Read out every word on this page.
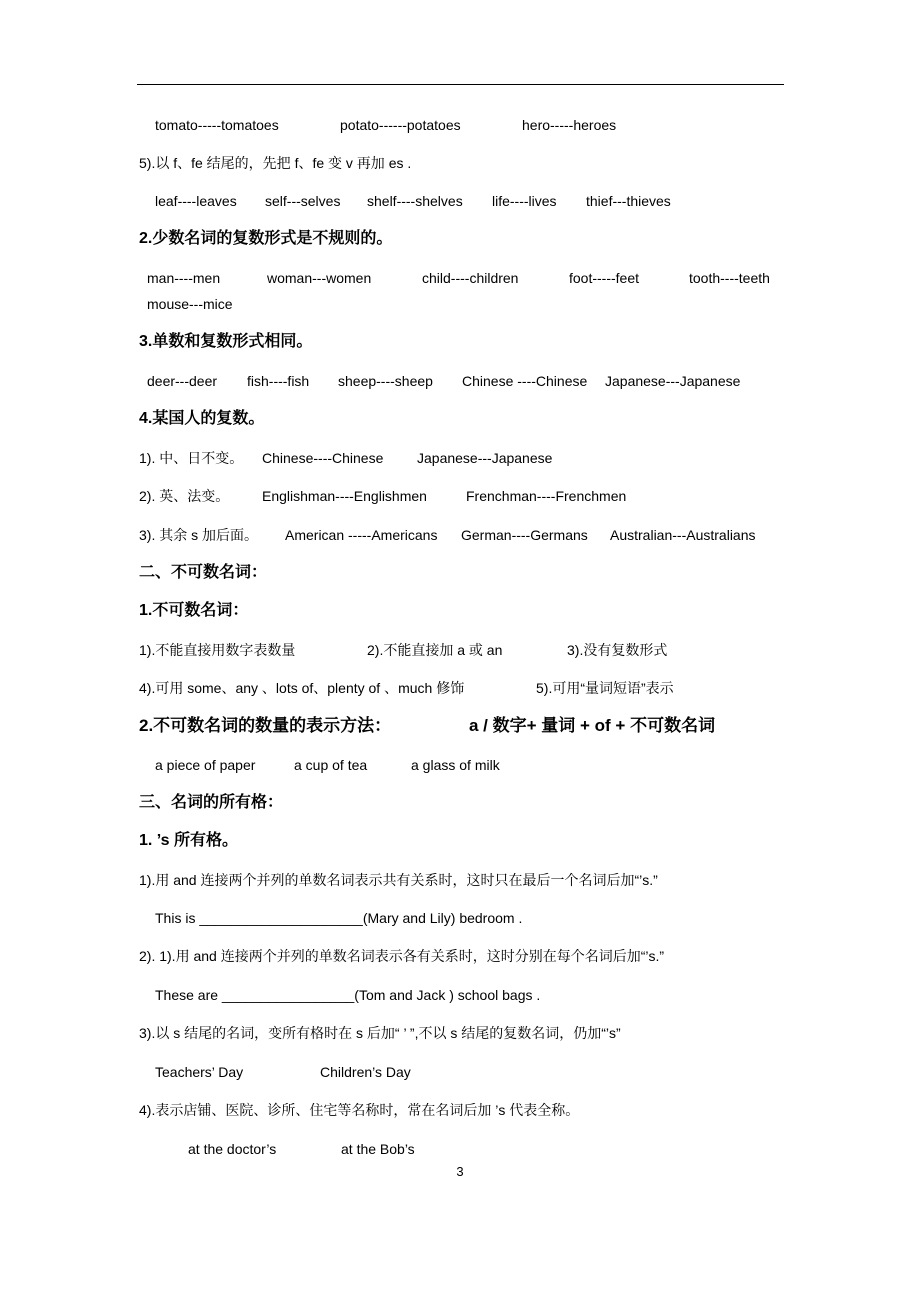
tomato-----tomatoes	potato------potatoes	hero-----heroes
5).以 f、fe 结尾的，先把 f、fe 变 v 再加 es .
leaf----leaves self---selves shelf----shelves life----lives thief---thieves
2.少数名词的复数形式是不规则的。
man----men	woman---women	child----children	foot-----feet	tooth----teeth
mouse---mice
3.单数和复数形式相同。
deer---deer fish----fish sheep----sheep Chinese ----Chinese Japanese---Japanese
4.某国人的复数。
1). 中、日不变。 Chinese----Chinese Japanese---Japanese
2). 英、法变。 Englishman----Englishmen	Frenchman----Frenchmen
3). 其余 s 加后面。 American -----Americans German----Germans Australian---Australians
二、不可数名词：
1.不可数名词：
1).不能直接用数字表数量	2).不能直接加 a 或 an	3).没有复数形式
4).可用 some、any 、lots of、plenty of 、much 修饰	5).可用“量词短语”表示
2.不可数名词的数量的表示方法：	a / 数字+ 量词 + of + 不可数名词
a piece of paper	a cup of tea	a glass of milk
三、名词的所有格：
1. ’s 所有格。
1).用 and 连接两个并列的单数名词表示共有关系时，这时只在最后一个名词后加“’s.”
This is _____________________(Mary and Lily) bedroom .
2). 1).用 and 连接两个并列的单数名词表示各有关系时，这时分别在每个名词后加“’s.”
These are _________________(Tom and Jack ) school bags .
3).以 s 结尾的名词，变所有格时在 s 后加“ ’ ”,不以 s 结尾的复数名词，仍加“’s”
Teachers’ Day	Children’s Day
4).表示店铺、医院、诊所、住宅等名称时，常在名词后加 ’s 代表全称。
at the doctor’s	at the Bob’s
3
